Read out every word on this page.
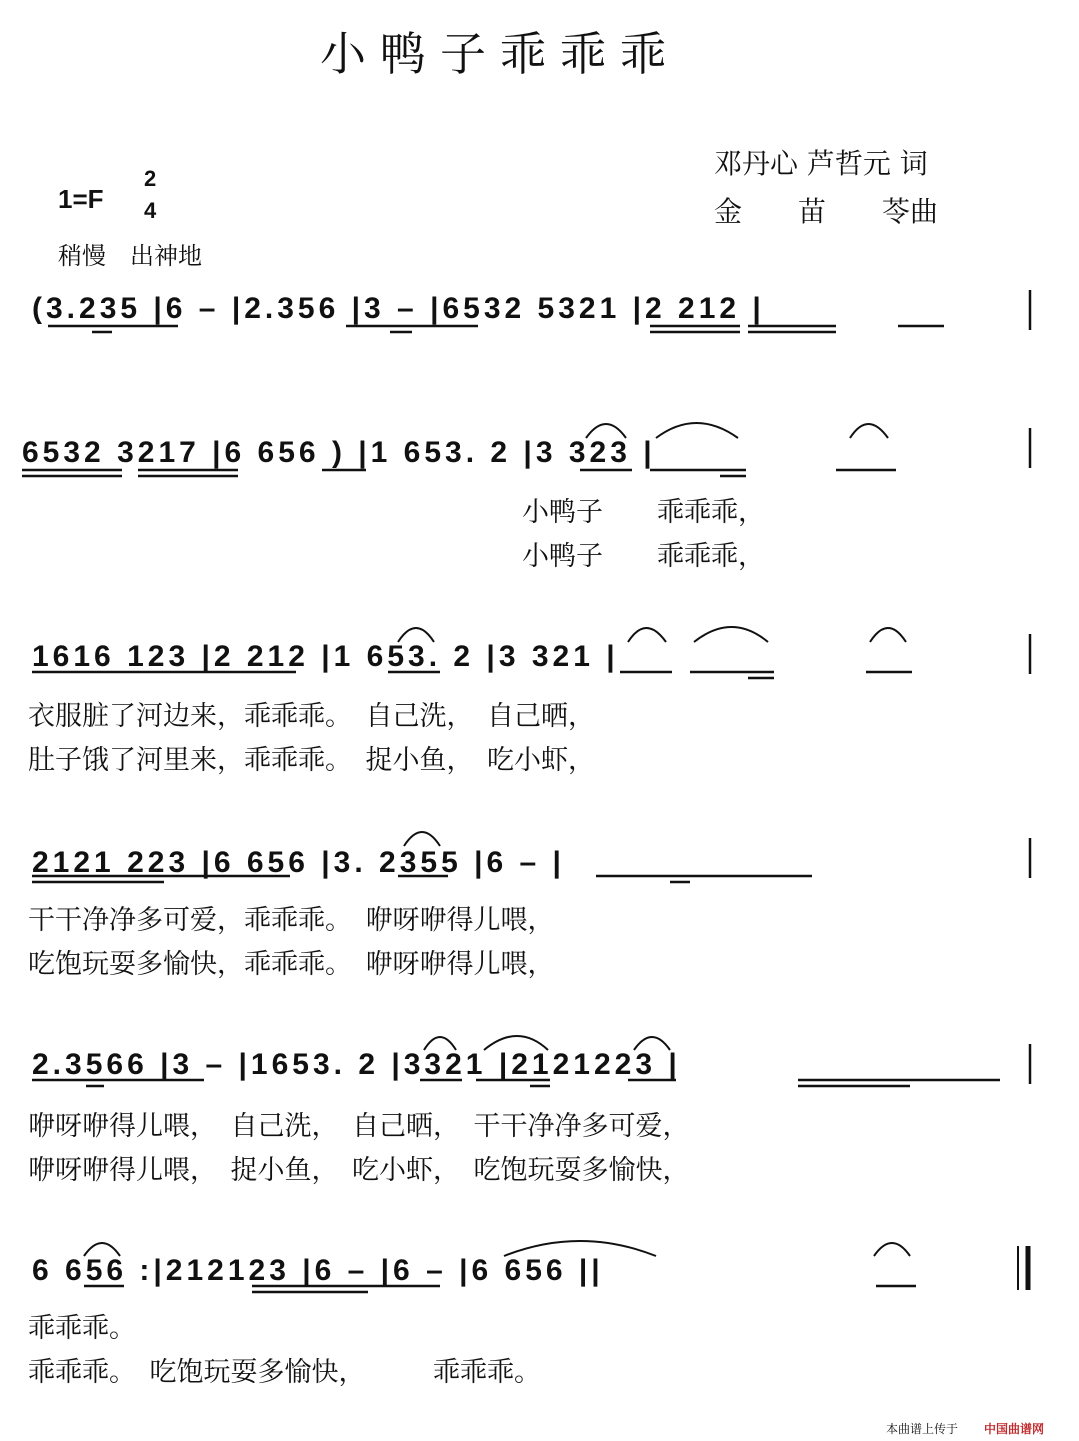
小鸭子乖乖乖
邓丹心 芦哲元 词
金　　苗　　苓曲
1=F
2
4
稍慢　出神地
(3.235 |6 – |2.356 |3 – |6532 5321 |2 212 |
6532 3217 |6 656 ) |1 653. 2 |3 323 |
小鸭子　　乖乖乖，
小鸭子　　乖乖乖，
1616 123 |2 212 |1 653. 2 |3 321 |
衣服脏了河边来，乖乖乖。　自己洗，　自己晒，
肚子饿了河里来，乖乖乖。　捉小鱼，　吃小虾，
2121 223 |6 656 |3. 2355 |6 – |
干干净净多可爱，乖乖乖。　咿呀咿得儿喂，
吃饱玩耍多愉快，乖乖乖。　咿呀咿得儿喂，
2.3566 |3 – |1653. 2 |3321 |2121223 |
咿呀咿得儿喂，　自己洗，　自己晒，　干干净净多可爱，
咿呀咿得儿喂，　捉小鱼，　吃小虾，　吃饱玩耍多愉快，
6 656 :|212123 |6 – |6 – |6 656 ||
乖乖乖。
乖乖乖。　吃饱玩耍多愉快，　　　乖乖乖。
本曲谱上传于 中国曲谱网
